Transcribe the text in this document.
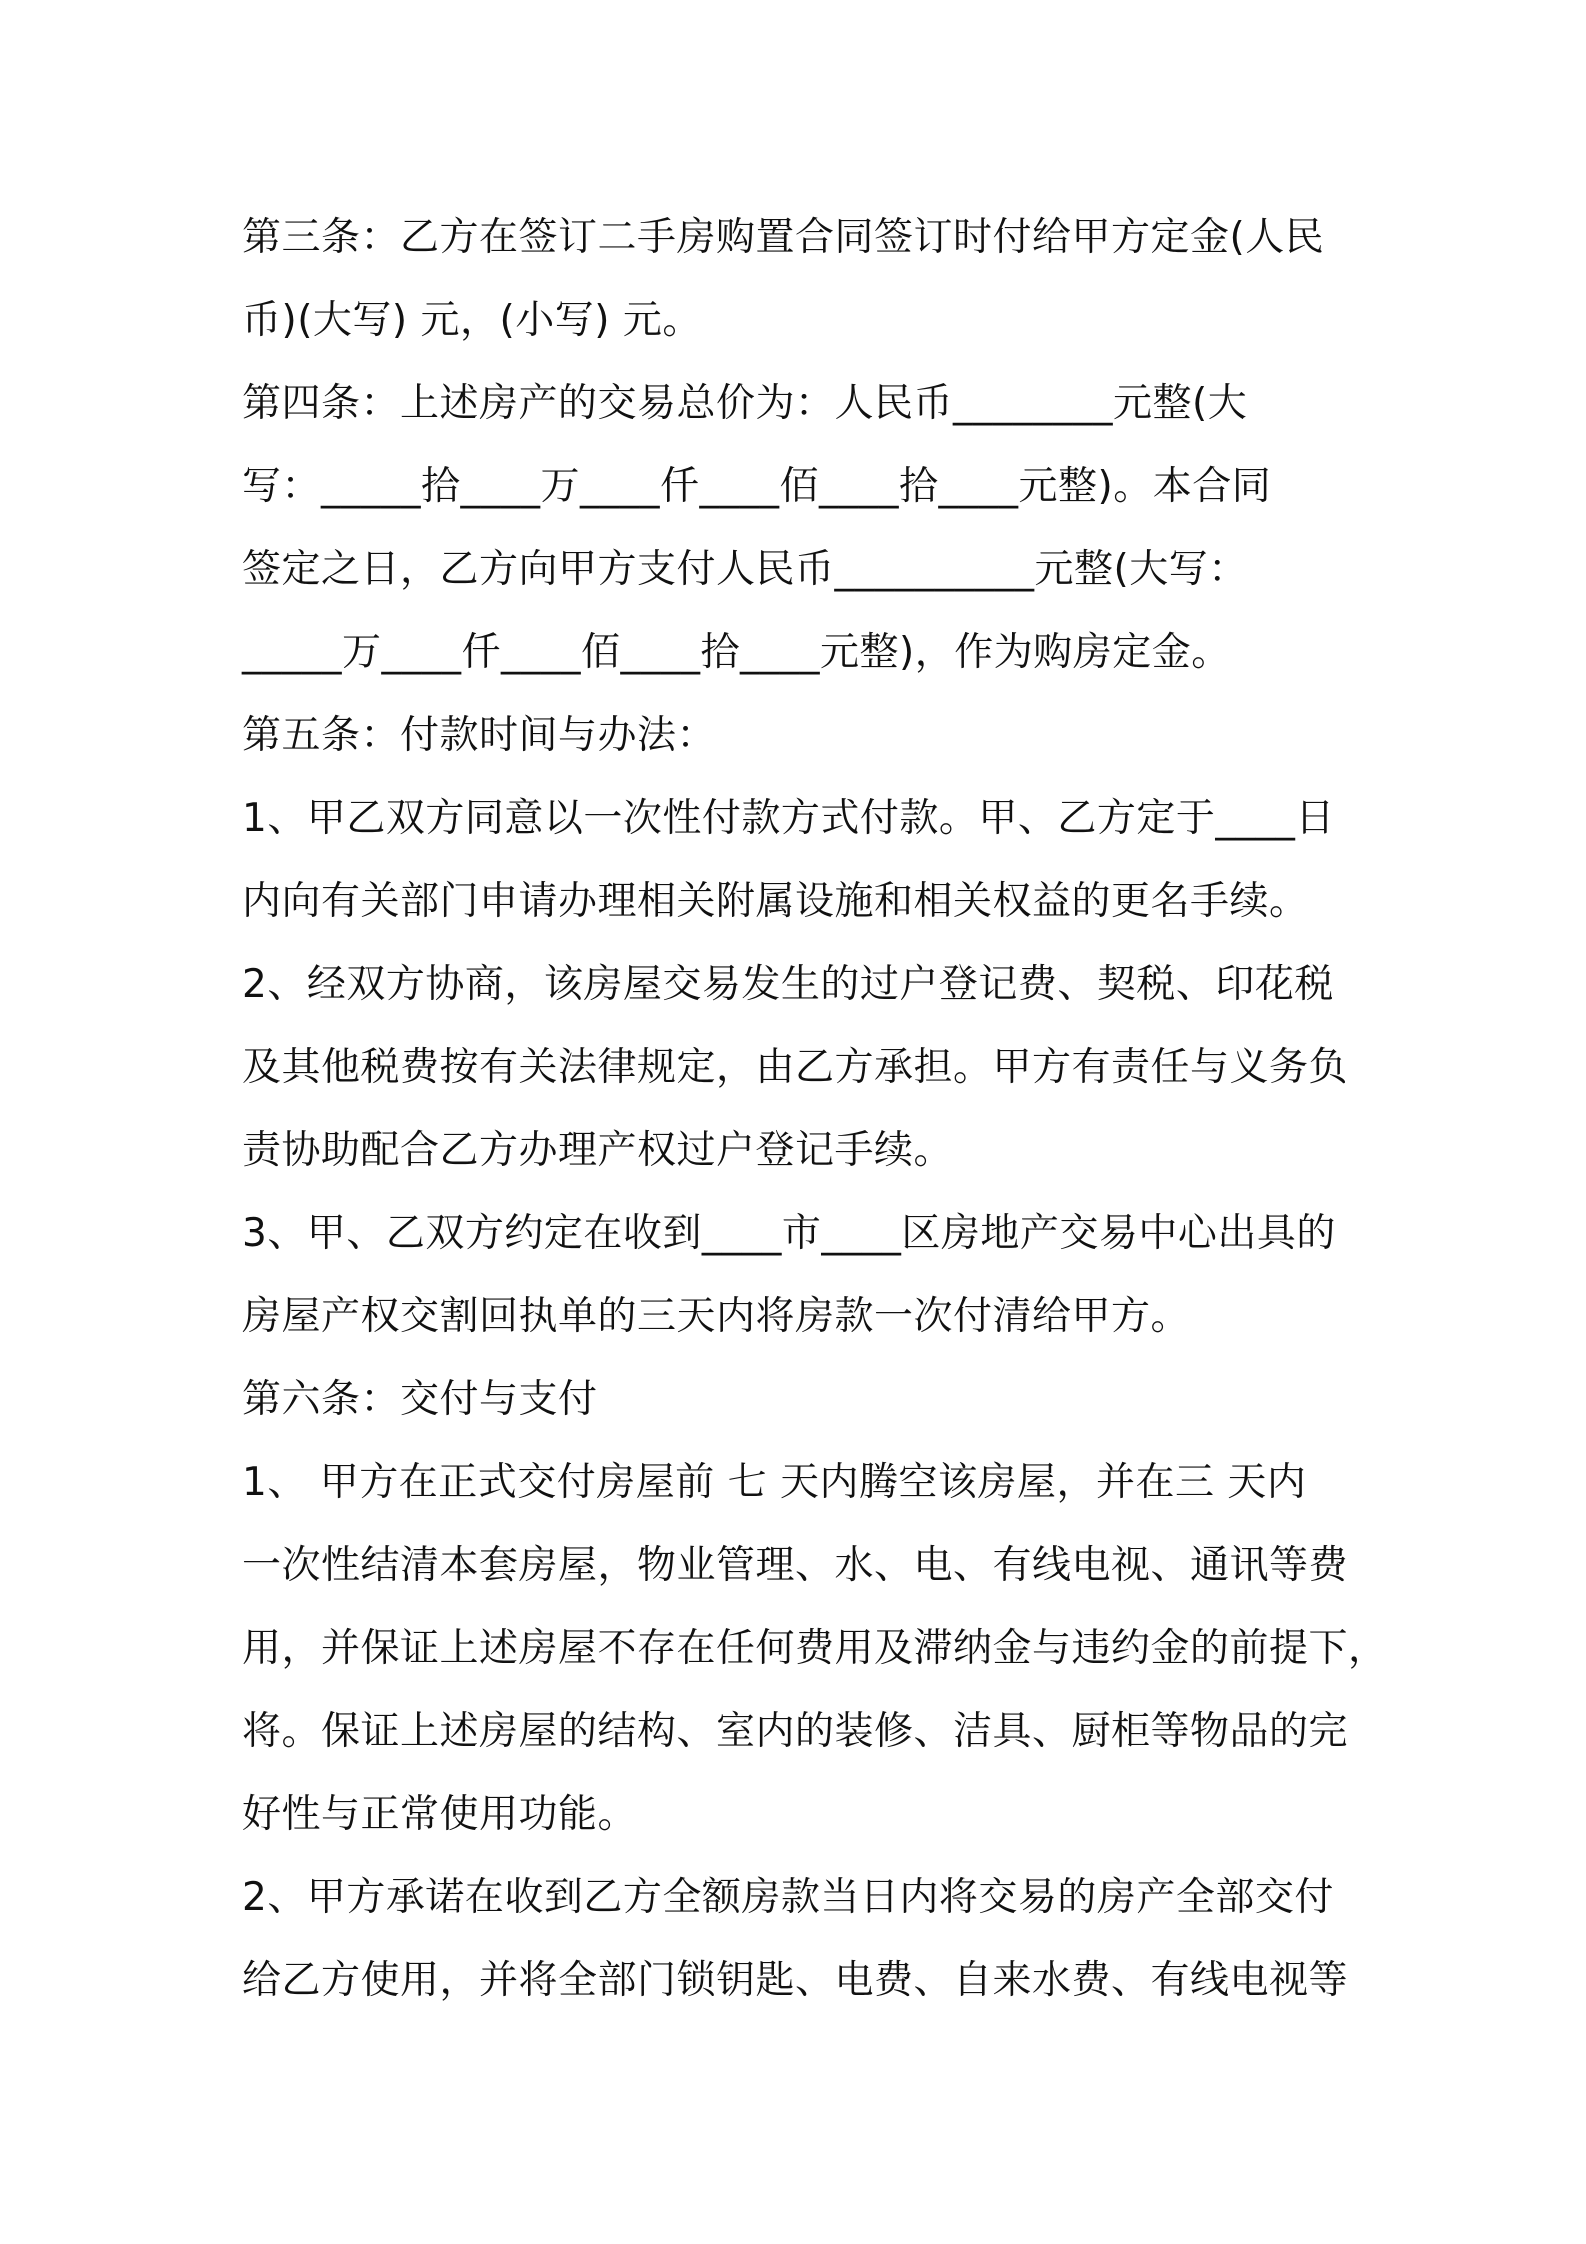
第三条：乙方在签订二手房购置合同签订时付给甲方定金(人民

币)(大写) 元，(小写) 元。

第四条：上述房产的交易总价为：人民币________元整(大

写：_____拾____万____仟____佰____拾____元整)。本合同

签定之日，乙方向甲方支付人民币__________元整(大写：

_____万____仟____佰____拾____元整)，作为购房定金。

第五条：付款时间与办法：

1、甲乙双方同意以一次性付款方式付款。甲、乙方定于____日

内向有关部门申请办理相关附属设施和相关权益的更名手续。

2、经双方协商，该房屋交易发生的过户登记费、契税、印花税

及其他税费按有关法律规定，由乙方承担。甲方有责任与义务负

责协助配合乙方办理产权过户登记手续。

3、甲、乙双方约定在收到____市____区房地产交易中心出具的

房屋产权交割回执单的三天内将房款一次付清给甲方。

第六条：交付与支付

1、 甲方在正式交付房屋前 七 天内腾空该房屋，并在三 天内

一次性结清本套房屋，物业管理、水、电、有线电视、通讯等费

用，并保证上述房屋不存在任何费用及滞纳金与违约金的前提下，

将。保证上述房屋的结构、室内的装修、洁具、厨柜等物品的完

好性与正常使用功能。

2、甲方承诺在收到乙方全额房款当日内将交易的房产全部交付

给乙方使用，并将全部门锁钥匙、电费、自来水费、有线电视等
